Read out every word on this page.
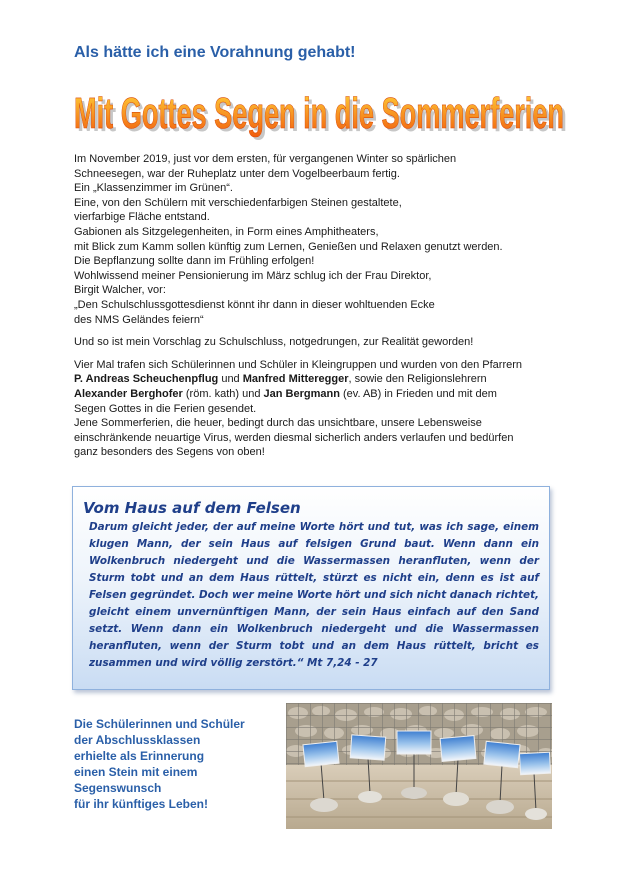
Als hätte ich eine Vorahnung gehabt!
Mit Gottes Segen in die Sommerferien
Mit Gottes Segen in die Sommerferien

Im November 2019, just vor dem ersten, für vergangenen Winter so spärlichen

Schneesegen, war der Ruheplatz unter dem Vogelbeerbaum fertig.

Ein „Klassenzimmer im Grünen“.

Eine, von den Schülern mit verschiedenfarbigen Steinen gestaltete,

vierfarbige Fläche entstand.

Gabionen als Sitzgelegenheiten, in Form eines Amphitheaters,

mit Blick zum Kamm sollen künftig zum Lernen, Genießen und Relaxen genutzt werden.

Die Bepflanzung sollte dann im Frühling erfolgen!

Wohlwissend meiner Pensionierung im März schlug ich der Frau Direktor,

Birgit Walcher, vor:

„Den Schulschlussgottesdienst könnt ihr dann in dieser wohltuenden Ecke

des NMS Geländes feiern“

Und so ist mein Vorschlag zu Schulschluss, notgedrungen, zur Realität geworden!

Vier Mal trafen sich Schülerinnen und Schüler in Kleingruppen und wurden von den Pfarrern

P. Andreas Scheuchenpflug und Manfred Mitteregger, sowie den Religionslehrern

Alexander Berghofer (röm. kath) und Jan Bergmann (ev. AB) in Frieden und mit dem

Segen Gottes in die Ferien gesendet.

Jene Sommerferien, die heuer, bedingt durch das unsichtbare, unsere Lebensweise

einschränkende neuartige Virus, werden diesmal sicherlich anders verlaufen und bedürfen

ganz besonders des Segens von oben!

Vom Haus auf dem Felsen

Darum gleicht jeder, der auf meine Worte hört und tut, was ich sage, einem klugen Mann, der sein Haus auf felsigen Grund baut. Wenn dann ein Wolkenbruch niedergeht und die Wassermassen heranfluten, wenn der Sturm tobt und an dem Haus rüttelt, stürzt es nicht ein, denn es ist auf Felsen gegründet. Doch wer meine Worte hört und sich nicht danach richtet, gleicht einem unvernünftigen Mann, der sein Haus einfach auf den Sand setzt. Wenn dann ein Wolkenbruch niedergeht und die Wassermassen heranfluten, wenn der Sturm tobt und an dem Haus rüttelt, bricht es zusammen und wird völlig zerstört.“ Mt 7,24 - 27

Die Schülerinnen und Schüler

der Abschlussklassen

erhielte als Erinnerung

einen Stein mit einem

Segenswunsch

für ihr künftiges Leben!
